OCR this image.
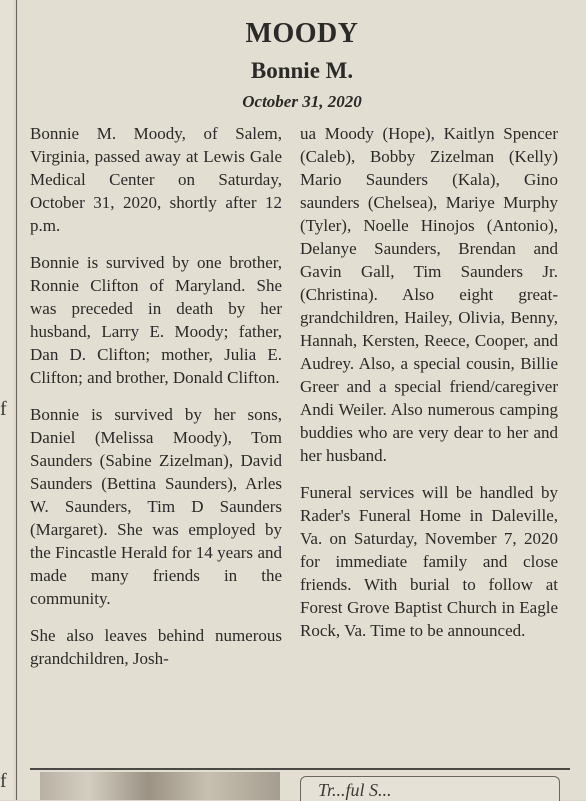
f
f
MOODY
Bonnie M.
October 31, 2020

Bonnie M. Moody, of Salem, Virginia, passed away at Lewis Gale Medical Center on Saturday, October 31, 2020, shortly after 12 p.m.

Bonnie is survived by one brother, Ronnie Clifton of Maryland. She was preceded in death by her husband, Larry E. Moody; father, Dan D. Clifton; mother, Julia E. Clifton; and brother, Donald Clifton.

Bonnie is survived by her sons, Daniel (Melissa Moody), Tom Saunders (Sabine Zizelman), David Saunders (Bettina Saunders), Arles W. Saunders, Tim D Saunders (Margaret). She was employed by the Fincastle Herald for 14 years and made many friends in the community.

She also leaves behind numerous grandchildren, Josh-

ua Moody (Hope), Kaitlyn Spencer (Caleb), Bobby Zizelman (Kelly) Mario Saunders (Kala), Gino saunders (Chelsea), Mariye Murphy (Tyler), Noelle Hinojos (Antonio), Delanye Saunders, Brendan and Gavin Gall, Tim Saunders Jr. (Christina). Also eight great-grandchildren, Hailey, Olivia, Benny, Hannah, Kersten, Reece, Cooper, and Audrey. Also, a special cousin, Billie Greer and a special friend/caregiver Andi Weiler. Also numerous camping buddies who are very dear to her and her husband.

Funeral services will be handled by Rader's Funeral Home in Daleville, Va. on Saturday, November 7, 2020 for immediate family and close friends. With burial to follow at Forest Grove Baptist Church in Eagle Rock, Va. Time to be announced.

Tr...ful S...
